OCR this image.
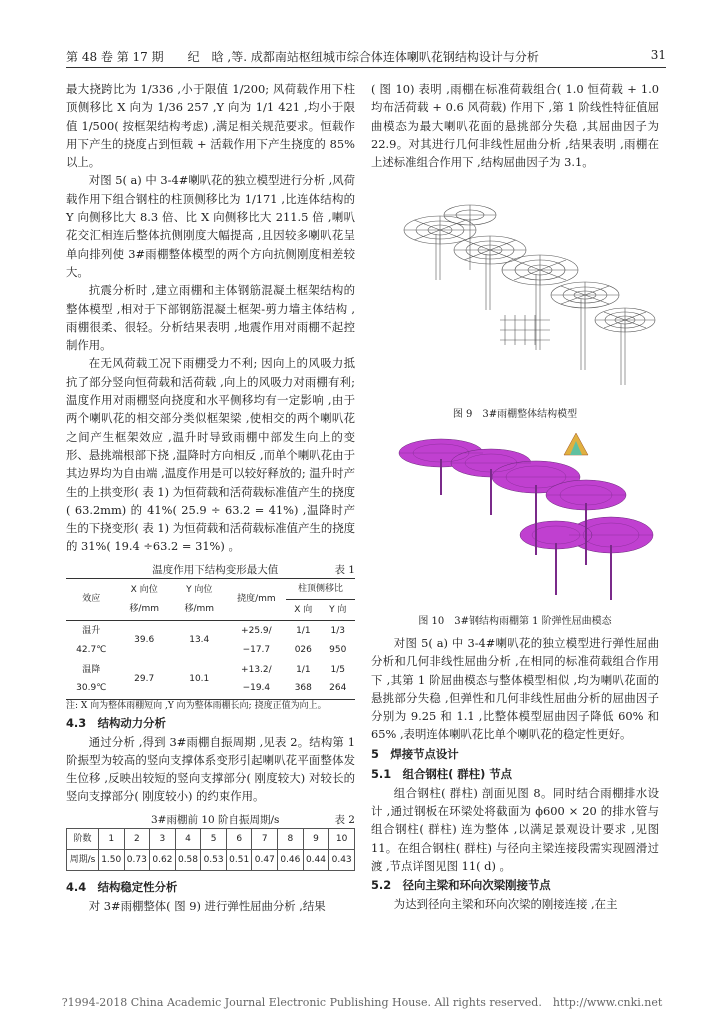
第 48 卷 第 17 期　　纪　晗 ,等. 成都南站枢纽城市综合体连体喇叭花钢结构设计与分析	31

最大挠跨比为 1/336 ,小于限值 1/200; 风荷载作用下柱顶侧移比 X 向为 1/36 257 ,Y 向为 1/1 421 ,均小于限值 1/500( 按框架结构考虑) ,满足相关规范要求。恒载作用下产生的挠度占到恒载 + 活载作用下产生挠度的 85% 以上。

对图 5( a) 中 3-4#喇叭花的独立模型进行分析 ,风荷载作用下组合钢柱的柱顶侧移比为 1/171 ,比连体结构的 Y 向侧移比大 8.3 倍、比 X 向侧移比大 211.5 倍 ,喇叭花交汇相连后整体抗侧刚度大幅提高 ,且因较多喇叭花呈单向排列使 3#雨棚整体模型的两个方向抗侧刚度相差较大。

抗震分析时 ,建立雨棚和主体钢筋混凝土框架结构的整体模型 ,相对于下部钢筋混凝土框架-剪力墙主体结构 ,雨棚很柔、很轻。分析结果表明 ,地震作用对雨棚不起控制作用。

在无风荷载工况下雨棚受力不利; 因向上的风吸力抵抗了部分竖向恒荷载和活荷载 ,向上的风吸力对雨棚有利; 温度作用对雨棚竖向挠度和水平侧移均有一定影响 ,由于两个喇叭花的相交部分类似框架梁 ,使相交的两个喇叭花之间产生框架效应 ,温升时导致雨棚中部发生向上的变形、悬挑端根部下挠 ,温降时方向相反 ,而单个喇叭花由于其边界均为自由端 ,温度作用是可以较好释放的; 温升时产生的上拱变形( 表 1) 为恒荷载和活荷载标准值产生的挠度( 63.2mm) 的 41%( 25.9 ÷ 63.2 = 41%) ,温降时产生的下挠变形( 表 1) 为恒荷载和活荷载标准值产生的挠度的 31%( 19.4 ÷63.2 = 31%) 。

温度作用下结构变形最大值	表 1
效应	X 向位移/mm	Y 向位移/mm	挠度/mm	柱顶侧移比	
				X 向	Y 向
温升 42.7℃	39.6	13.4	+25.9/ −17.7	1/1 026	1/3 950
温降 30.9℃	29.7	10.1	+13.2/ −19.4	1/1 368	1/5 264

注: X 向为整体雨棚短向 ,Y 向为整体雨棚长向; 挠度正值为向上。

4.3　结构动力分析

通过分析 ,得到 3#雨棚自振周期 ,见表 2。结构第 1 阶振型为较高的竖向支撑体系变形引起喇叭花平面整体发生位移 ,反映出较短的竖向支撑部分( 刚度较大) 对较长的竖向支撑部分( 刚度较小) 的约束作用。

3#雨棚前 10 阶自振周期/s	表 2
阶数	1	2	3	4	5	6	7	8	9	10
周期/s	1.50	0.73	0.62	0.58	0.53	0.51	0.47	0.46	0.44	0.43

4.4　结构稳定性分析

对 3#雨棚整体( 图 9) 进行弹性屈曲分析 ,结果

( 图 10) 表明 ,雨棚在标准荷载组合( 1.0 恒荷载 + 1.0 均布活荷载 + 0.6 风荷载) 作用下 ,第 1 阶线性特征值屈曲模态为最大喇叭花面的悬挑部分失稳 ,其屈曲因子为 22.9。对其进行几何非线性屈曲分析 ,结果表明 ,雨棚在上述标准组合作用下 ,结构屈曲因子为 3.1。

图 9　3#雨棚整体结构模型
图 10　3#钢结构雨棚第 1 阶弹性屈曲模态

对图 5( a) 中 3-4#喇叭花的独立模型进行弹性屈曲分析和几何非线性屈曲分析 ,在相同的标准荷载组合作用下 ,其第 1 阶屈曲模态与整体模型相似 ,均为喇叭花面的悬挑部分失稳 ,但弹性和几何非线性屈曲分析的屈曲因子分别为 9.25 和 1.1 ,比整体模型屈曲因子降低 60% 和 65% ,表明连体喇叭花比单个喇叭花的稳定性更好。

5　焊接节点设计

5.1　组合钢柱( 群柱) 节点

组合钢柱( 群柱) 剖面见图 8。同时结合雨棚排水设计 ,通过钢板在环梁处将截面为 ϕ600 × 20 的排水管与组合钢柱( 群柱) 连为整体 ,以满足景观设计要求 ,见图 11。在组合钢柱( 群柱) 与径向主梁连接段需实现圆滑过渡 ,节点详图见图 11( d) 。

5.2　径向主梁和环向次梁刚接节点

为达到径向主梁和环向次梁的刚接连接 ,在主

?1994-2018 China Academic Journal Electronic Publishing House. All rights reserved.　http://www.cnki.net
